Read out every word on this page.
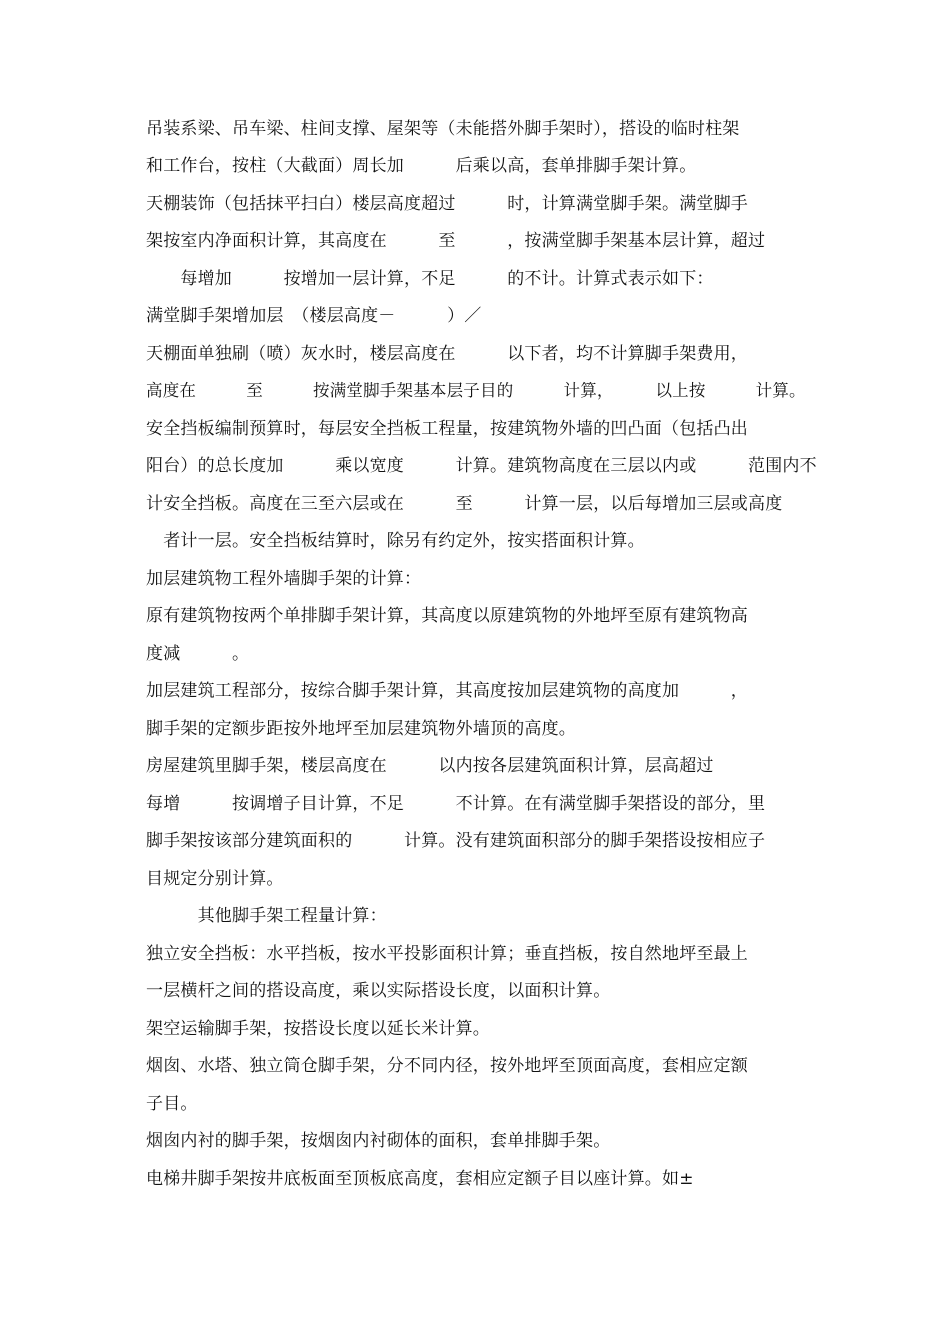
吊装系梁、吊车梁、柱间支撑、屋架等（未能搭外脚手架时），搭设的临时柱架
和工作台，按柱（大截面）周长加　　　后乘以高，套单排脚手架计算。
天棚装饰（包括抹平扫白）楼层高度超过　　　时，计算满堂脚手架。满堂脚手
架按室内净面积计算，其高度在　　　至　　　，按满堂脚手架基本层计算，超过
　　每增加　　　按增加一层计算，不足　　　的不计。计算式表示如下：
满堂脚手架增加层　（楼层高度－　　　）／
天棚面单独刷（喷）灰水时，楼层高度在　　　以下者，均不计算脚手架费用，
高度在　　　至　　　按满堂脚手架基本层子目的　　　计算，　　　以上按　　　计算。
安全挡板编制预算时，每层安全挡板工程量，按建筑物外墙的凹凸面（包括凸出
阳台）的总长度加　　　乘以宽度　　　计算。建筑物高度在三层以内或　　　范围内不
计安全挡板。高度在三至六层或在　　　至　　　计算一层，以后每增加三层或高度
　者计一层。安全挡板结算时，除另有约定外，按实搭面积计算。
加层建筑物工程外墙脚手架的计算：
原有建筑物按两个单排脚手架计算，其高度以原建筑物的外地坪至原有建筑物高
度减　　　。
加层建筑工程部分，按综合脚手架计算，其高度按加层建筑物的高度加　　　，
脚手架的定额步距按外地坪至加层建筑物外墙顶的高度。
房屋建筑里脚手架，楼层高度在　　　以内按各层建筑面积计算，层高超过
每增　　　按调增子目计算，不足　　　不计算。在有满堂脚手架搭设的部分，里
脚手架按该部分建筑面积的　　　计算。没有建筑面积部分的脚手架搭设按相应子
目规定分别计算。
　　　其他脚手架工程量计算：
独立安全挡板：水平挡板，按水平投影面积计算；垂直挡板，按自然地坪至最上
一层横杆之间的搭设高度，乘以实际搭设长度，以面积计算。
架空运输脚手架，按搭设长度以延长米计算。
烟囱、水塔、独立筒仓脚手架，分不同内径，按外地坪至顶面高度，套相应定额
子目。
烟囱内衬的脚手架，按烟囱内衬砌体的面积，套单排脚手架。
电梯井脚手架按井底板面至顶板底高度，套相应定额子目以座计算。如±
